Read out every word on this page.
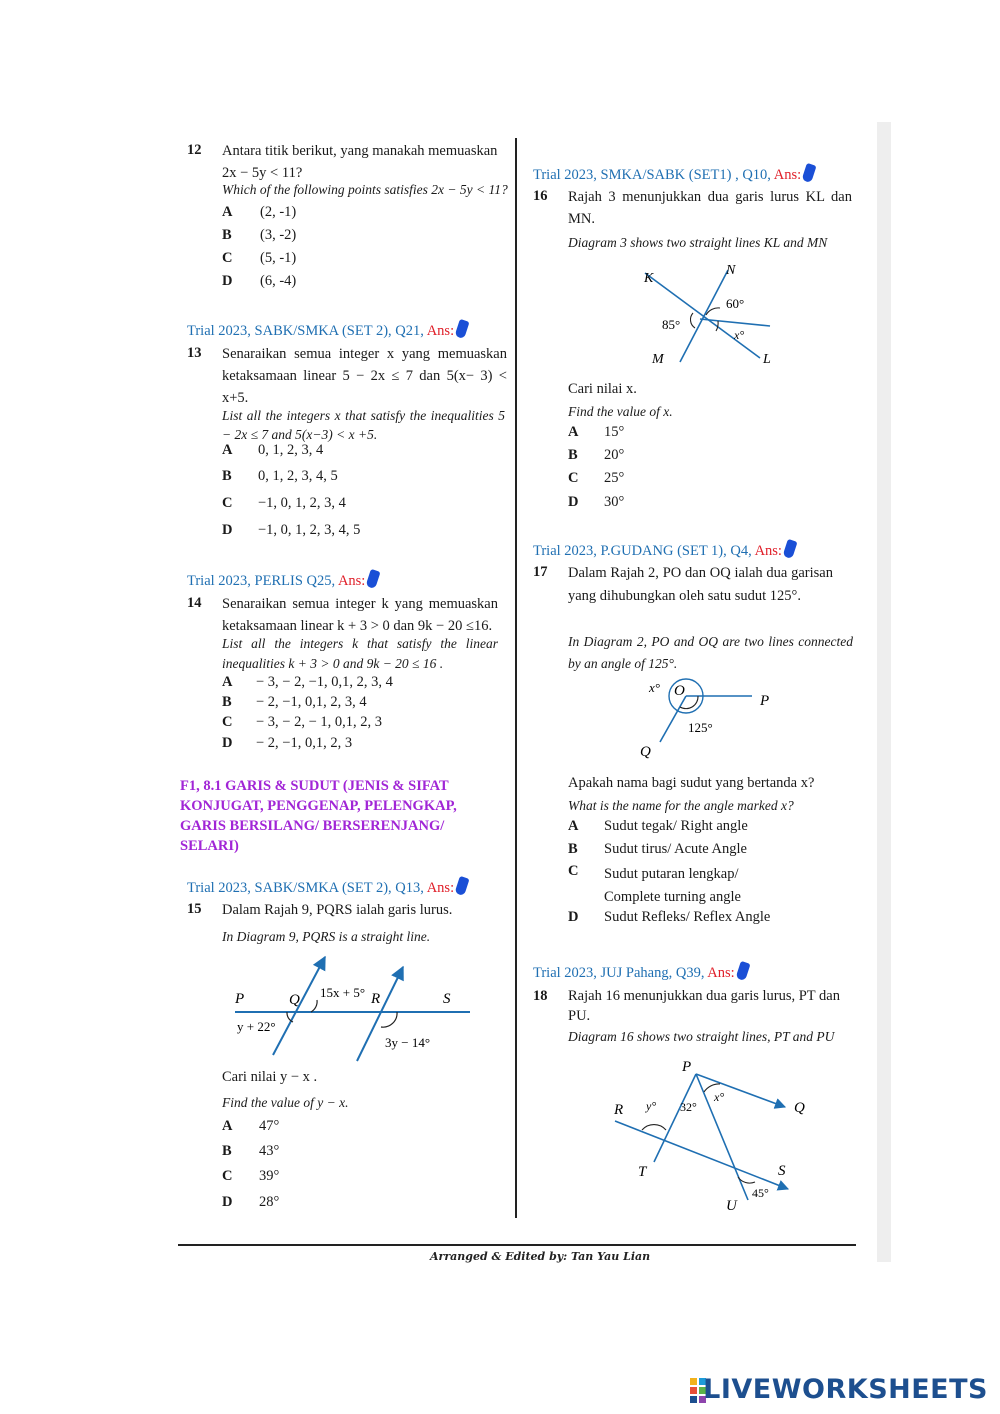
12 Antara titik berikut, yang manakah memuaskan 2x − 5y < 11?
Which of the following points satisfies 2x − 5y < 11?
A (2, -1)
B (3, -2)
C (5, -1)
D (6, -4)
Trial 2023, SABK/SMKA (SET 2), Q21, Ans:
13 Senaraikan semua integer x yang memuaskan ketaksamaan linear 5 − 2x ≤ 7 dan 5(x− 3) < x+5.
List all the integers x that satisfy the inequalities 5 − 2x ≤ 7 and 5(x−3) < x +5.
A 0, 1, 2, 3, 4
B 0, 1, 2, 3, 4, 5
C −1, 0, 1, 2, 3, 4
D −1, 0, 1, 2, 3, 4, 5
Trial 2023, PERLIS Q25, Ans:
14 Senaraikan semua integer k yang memuaskan ketaksamaan linear k + 3 > 0 dan 9k − 20 ≤16.
List all the integers k that satisfy the linear inequalities k + 3 > 0 and 9k − 20 ≤ 16 .
A − 3, − 2, −1, 0,1, 2, 3, 4
B − 2, −1, 0,1, 2, 3, 4
C − 3, − 2, − 1, 0,1, 2, 3
D − 2, −1, 0,1, 2, 3
F1, 8.1 GARIS & SUDUT (JENIS & SIFAT KONJUGAT, PENGGENAP, PELENGKAP, GARIS BERSILANG/ BERSERENJANG/ SELARI)
Trial 2023, SABK/SMKA (SET 2), Q13, Ans:
15 Dalam Rajah 9, PQRS ialah garis lurus.
In Diagram 9, PQRS is a straight line.
P	Q	R	S
15x + 5°
y + 22°
3y − 14°
Cari nilai y − x .
Find the value of y − x.
A 47°
B 43°
C 39°
D 28°
Trial 2023, SMKA/SABK (SET1) , Q10, Ans:
16 Rajah 3 menunjukkan dua garis lurus KL dan MN.
Diagram 3 shows two straight lines KL and MN
K
N
M	L
60°
85°
x°
Cari nilai x.
Find the value of x.
A 15°
B 20°
C 25°
D 30°
Trial 2023, P.GUDANG (SET 1), Q4, Ans:
17 Dalam Rajah 2, PO dan OQ ialah dua garisan yang dihubungkan oleh satu sudut 125°.
In Diagram 2, PO and OQ are two lines connected by an angle of 125°.
x° O
P
Q
125°
Apakah nama bagi sudut yang bertanda x?
What is the name for the angle marked x?
A Sudut tegak/ Right angle
B Sudut tirus/ Acute Angle
C Sudut putaran lengkap/ Complete turning angle
D Sudut Refleks/ Reflex Angle
Trial 2023, JUJ Pahang, Q39, Ans:
18 Rajah 16 menunjukkan dua garis lurus, PT dan PU.
Diagram 16 shows two straight lines, PT and PU
P
Q
R
T	S
U
y° 32°
x°
45°
Arranged & Edited by: Tan Yau Lian
LIVEWORKSHEETS
